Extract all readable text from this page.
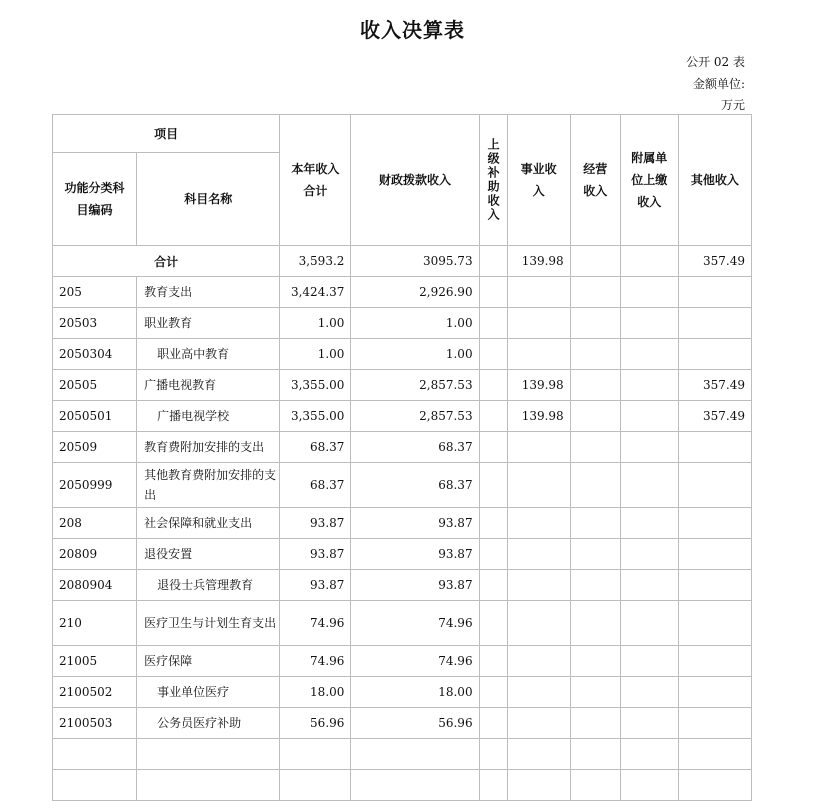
收入决算表
公开 02 表
金额单位:
万元
项目		本年收入合计	财政拨款收入	上级补助收入	事业收入	经营收入	附属单位上缴收入	其他收入

功能分类科目编码	科目名称							
合计		3,593.2	3095.73		139.98			357.49
205	教育支出	3,424.37	2,926.90					
20503	职业教育	1.00	1.00					
2050304	职业高中教育	1.00	1.00					
20505	广播电视教育	3,355.00	2,857.53		139.98			357.49
2050501	广播电视学校	3,355.00	2,857.53		139.98			357.49
20509	教育费附加安排的支出	68.37	68.37					
2050999	其他教育费附加安排的支出	68.37	68.37					
208	社会保障和就业支出	93.87	93.87					
20809	退役安置	93.87	93.87					
2080904	退役士兵管理教育	93.87	93.87					
210	医疗卫生与计划生育支出	74.96	74.96					
21005	医疗保障	74.96	74.96					
2100502	事业单位医疗	18.00	18.00					
2100503	公务员医疗补助	56.96	56.96					
